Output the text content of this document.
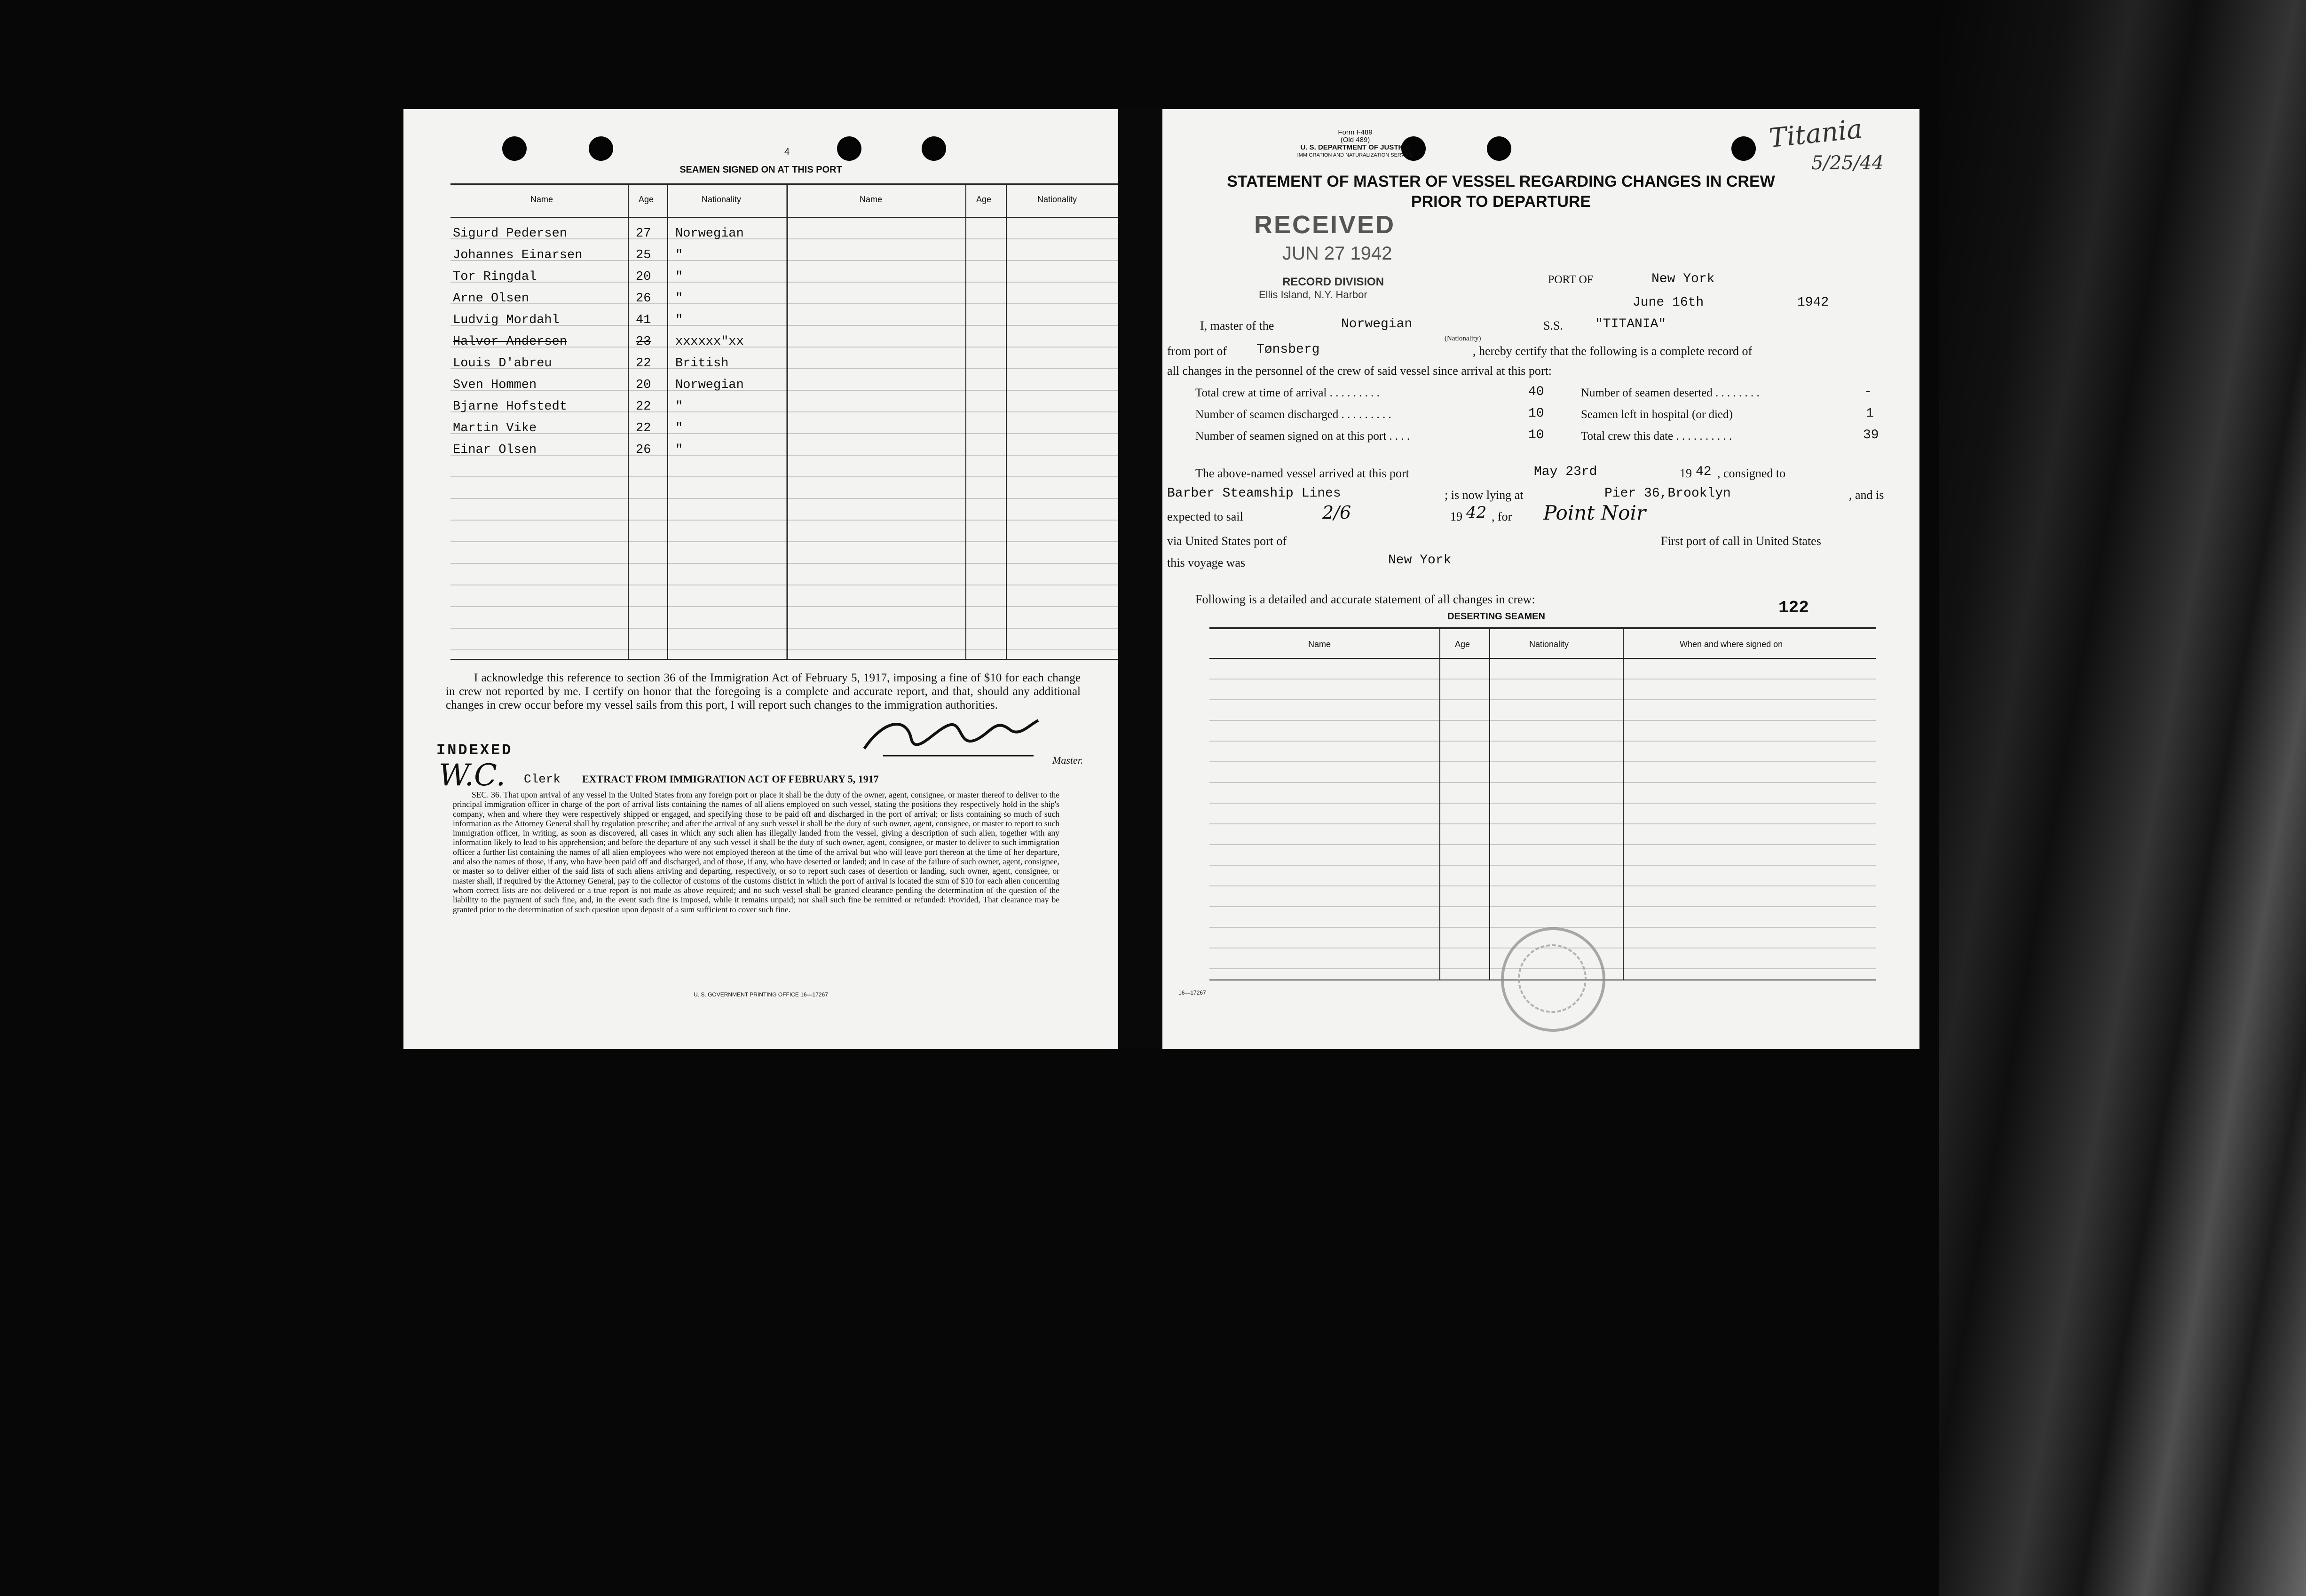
4
SEAMEN SIGNED ON AT THIS PORT
Name	Age	Nationality	Name	Age	Nationality
Sigurd Pedersen	27 Norwegian
Johannes Einarsen	25 "
Tor Ringdal	20 "
Arne Olsen	26 "
Ludvig Mordahl	41 "
Halvor Andersen	23 xxxxxx"xx
Louis D'abreu	22 British
Sven Hommen	20 Norwegian
Bjarne Hofstedt	22 "
Martin Vike	22 "
Einar Olsen	26 "
I acknowledge this reference to section 36 of the Immigration Act of February 5, 1917, imposing a fine of $10 for each change in crew not reported by me. I certify on honor that the foregoing is a complete and accurate report, and that, should any additional changes in crew occur before my vessel sails from this port, I will report such changes to the immigration authorities.
Master.
INDEXED
W.C. Clerk EXTRACT FROM IMMIGRATION ACT OF FEBRUARY 5, 1917
SEC. 36. That upon arrival of any vessel in the United States from any foreign port or place it shall be the duty of the owner, agent, consignee, or master thereof to deliver to the principal immigration officer in charge of the port of arrival lists containing the names of all aliens employed on such vessel, stating the positions they respectively hold in the ship's company, when and where they were respectively shipped or engaged, and specifying those to be paid off and discharged in the port of arrival; or lists containing so much of such information as the Attorney General shall by regulation prescribe; and after the arrival of any such vessel it shall be the duty of such owner, agent, consignee, or master to report to such immigration officer, in writing, as soon as discovered, all cases in which any such alien has illegally landed from the vessel, giving a description of such alien, together with any information likely to lead to his apprehension; and before the departure of any such vessel it shall be the duty of such owner, agent, consignee, or master to deliver to such immigration officer a further list containing the names of all alien employees who were not employed thereon at the time of the arrival but who will leave port thereon at the time of her departure, and also the names of those, if any, who have been paid off and discharged, and of those, if any, who have deserted or landed; and in case of the failure of such owner, agent, consignee, or master so to deliver either of the said lists of such aliens arriving and departing, respectively, or so to report such cases of desertion or landing, such owner, agent, consignee, or master shall, if required by the Attorney General, pay to the collector of customs of the customs district in which the port of arrival is located the sum of $10 for each alien concerning whom correct lists are not delivered or a true report is not made as above required; and no such vessel shall be granted clearance pending the determination of the question of the liability to the payment of such fine, and, in the event such fine is imposed, while it remains unpaid; nor shall such fine be remitted or refunded: Provided, That clearance may be granted prior to the determination of such question upon deposit of a sum sufficient to cover such fine.
U. S. GOVERNMENT PRINTING OFFICE 16—17267
Form I-489
(Old 489)
U. S. DEPARTMENT OF JUSTICE
IMMIGRATION AND NATURALIZATION SERVICE
Titania
5/25/44
STATEMENT OF MASTER OF VESSEL REGARDING CHANGES IN CREW
PRIOR TO DEPARTURE
RECEIVED
JUN 27 1942
RECORD DIVISION
Ellis Island, N.Y. Harbor
PORT OF	New York
June 16th	1942
I, master of the	Norwegian
(Nationality)
S.S. "TITANIA"
from port of Tønsberg	, hereby certify that the following is a complete record of
all changes in the personnel of the crew of said vessel since arrival at this port:
Total crew at time of arrival . . . . . . . . .	40	Number of seamen deserted . . . . . . . .	-
Number of seamen discharged . . . . . . . . .	10	Seamen left in hospital (or died)	1
Number of seamen signed on at this port . . . .	10	Total crew this date . . . . . . . . . .	39
The above-named vessel arrived at this port	May 23rd	19 42 , consigned to
Barber Steamship Lines	; is now lying at	Pier 36,Brooklyn	, and is
expected to sail	2/6	19 42 , for Point Noir
via United States port of	First port of call in United States
this voyage was	New York
Following is a detailed and accurate statement of all changes in crew:	122
DESERTING SEAMEN
Name	Age	Nationality	When and where signed on
16—17267
